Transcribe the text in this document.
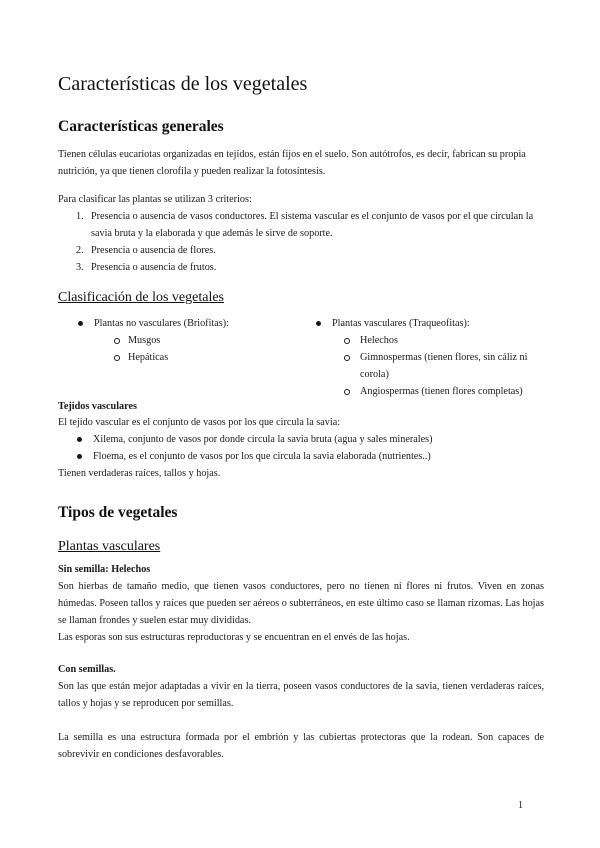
Características de los vegetales
Características generales

Tienen células eucariotas organizadas en tejidos, están fijos en el suelo. Son autótrofos, es decir, fabrican su propia nutrición, ya que tienen clorofila y pueden realizar la fotosíntesis.

Para clasificar las plantas se utilizan 3 criterios:

1. Presencia o ausencia de vasos conductores. El sistema vascular es el conjunto de vasos por el que circulan la savia bruta y la elaborada y que además le sirve de soporte.
2. Presencia o ausencia de flores.
3. Presencia o ausencia de frutos.
Clasificación de los vegetales
Plantas no vasculares (Briofitas):
Musgos
Hepáticas
Plantas vasculares (Traqueofitas):
Helechos
Gimnospermas (tienen flores, sin cáliz ni
corola)
Angiospermas (tienen flores completas)

Tejidos vasculares

El tejido vascular es el conjunto de vasos por los que circula la savia:

Xilema, conjunto de vasos por donde circula la savia bruta (agua y sales minerales)
Floema, es el conjunto de vasos por los que circula la savia elaborada (nutrientes..)

Tienen verdaderas raíces, tallos y hojas.

Tipos de vegetales
Plantas vasculares

Sin semilla: Helechos

Son hierbas de tamaño medio, que tienen vasos conductores, pero no tienen ni flores ni frutos. Viven en zonas húmedas. Poseen tallos y raíces que pueden ser aéreos o subterráneos, en este último caso se llaman rizomas. Las hojas se llaman frondes y suelen estar muy divididas.

Las esporas son sus estructuras reproductoras y se encuentran en el envés de las hojas.

Con semillas.

Son las que están mejor adaptadas a vivir en la tierra, poseen vasos conductores de la savia, tienen verdaderas raíces, tallos y hojas y se reproducen por semillas.

La semilla es una estructura formada por el embrión y las cubiertas protectoras que la rodean. Son capaces de sobrevivir en condiciones desfavorables.

1
